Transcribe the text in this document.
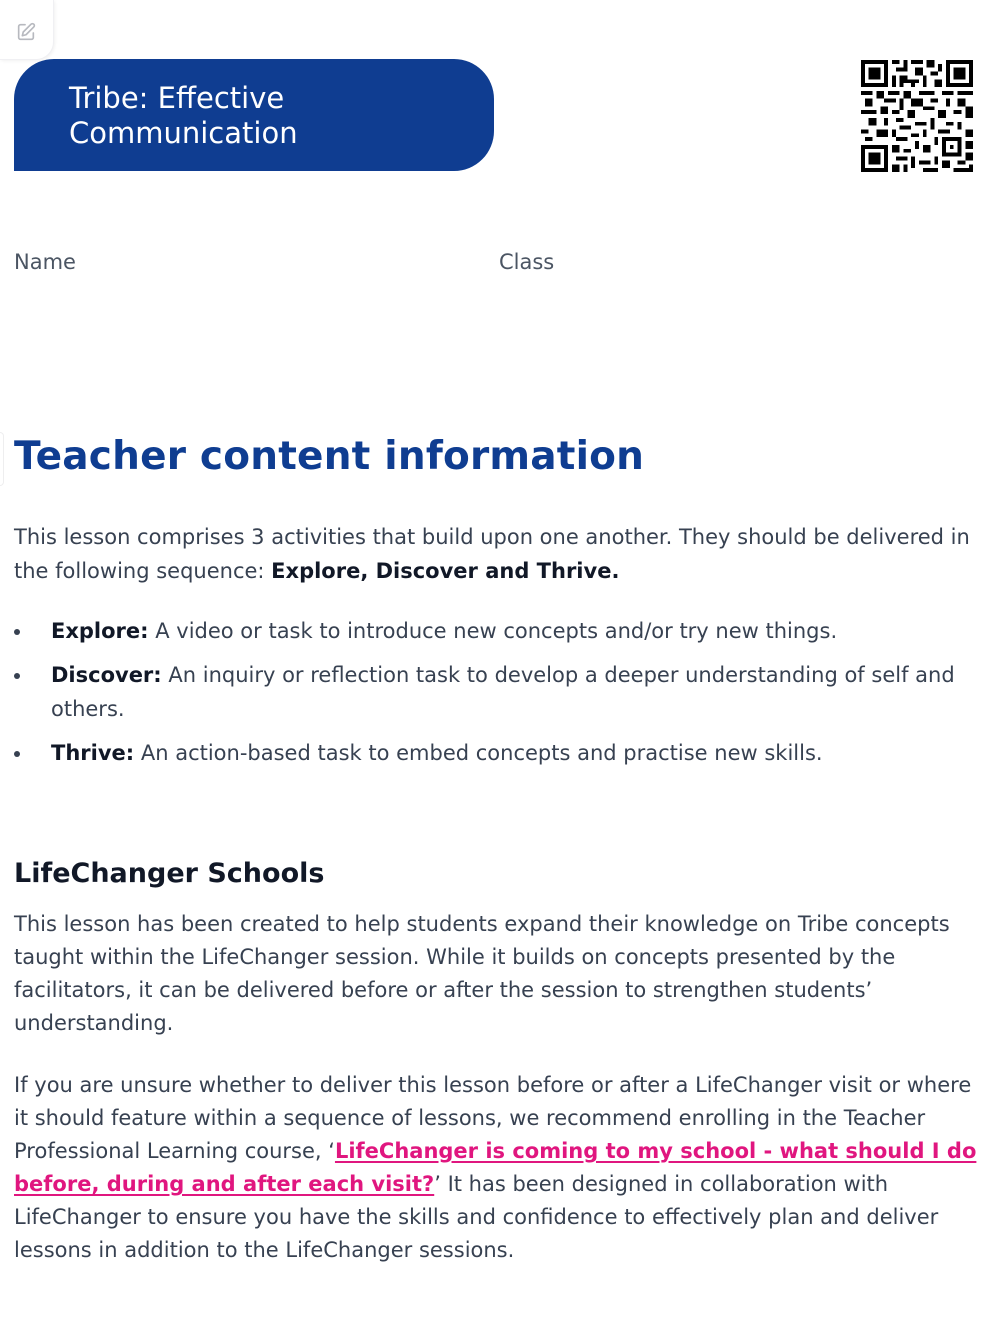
Tribe: Effective Communication
Name	Class
Teacher content information

This lesson comprises 3 activities that build upon one another. They should be delivered in the following sequence: Explore, Discover and Thrive.

Explore: A video or task to introduce new concepts and/or try new things.
Discover: An inquiry or reflection task to develop a deeper understanding of self and others.
Thrive: An action-based task to embed concepts and practise new skills.
LifeChanger Schools

This lesson has been created to help students expand their knowledge on Tribe concepts taught within the LifeChanger session. While it builds on concepts presented by the facilitators, it can be delivered before or after the session to strengthen students’ understanding.

If you are unsure whether to deliver this lesson before or after a LifeChanger visit or where it should feature within a sequence of lessons, we recommend enrolling in the Teacher Professional Learning course, ‘LifeChanger is coming to my school - what should I do before, during and after each visit?’ It has been designed in collaboration with LifeChanger to ensure you have the skills and confidence to effectively plan and deliver lessons in addition to the LifeChanger sessions.
